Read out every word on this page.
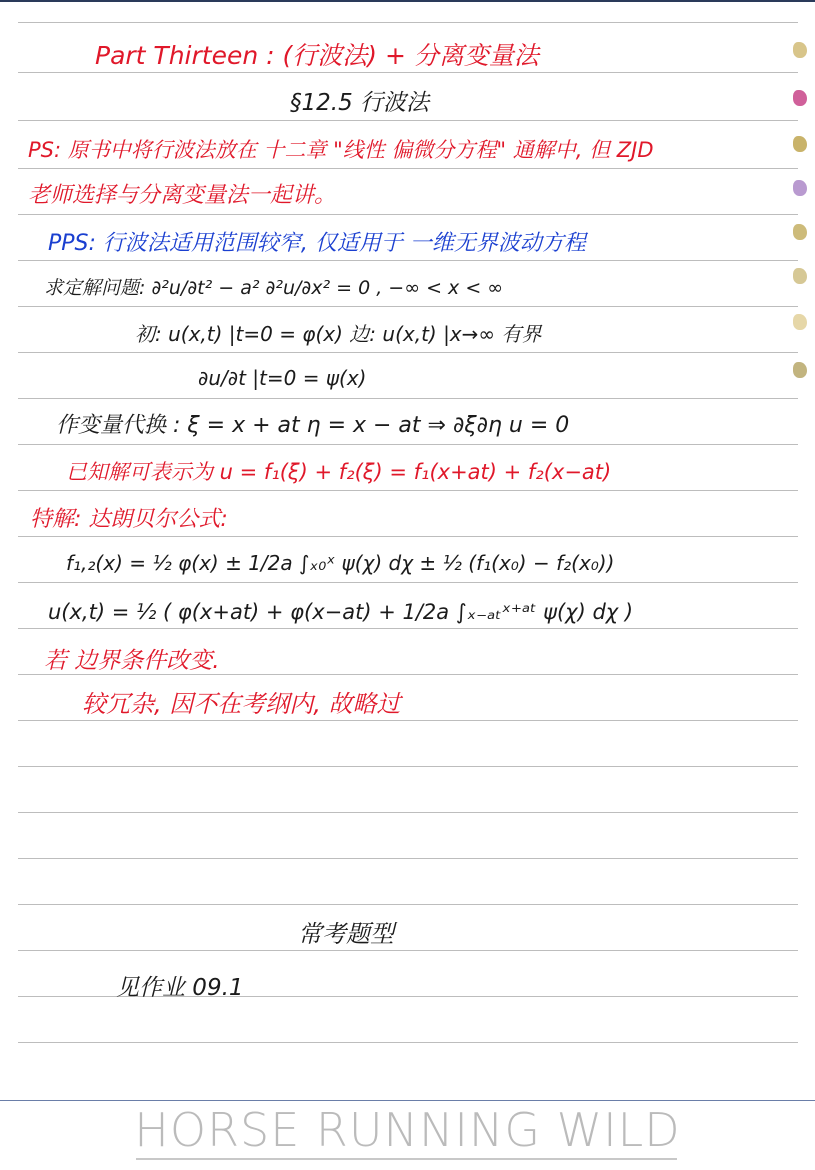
Part Thirteen : (行波法) + 分离变量法
§12.5 行波法
PS: 原书中将行波法放在 十二章 "线性 偏微分方程" 通解中, 但 ZJD
老师选择与分离变量法一起讲。
PPS: 行波法适用范围较窄, 仅适用于 一维无界波动方程
求定解问题: ∂²u/∂t² − a² ∂²u/∂x² = 0 , −∞ < x < ∞
初: u(x,t) |t=0 = φ(x) 边: u(x,t) |x→∞ 有界
∂u/∂t |t=0 = ψ(x)
作变量代换 : ξ = x + at η = x − at ⇒ ∂ξ∂η u = 0
已知解可表示为 u = f₁(ξ) + f₂(ξ) = f₁(x+at) + f₂(x−at)
特解: 达朗贝尔公式:
f₁,₂(x) = ½ φ(x) ± 1/2a ∫ₓ₀ˣ ψ(χ) dχ ± ½ (f₁(x₀) − f₂(x₀))
u(x,t) = ½ ( φ(x+at) + φ(x−at) + 1/2a ∫ₓ₋ₐₜˣ⁺ᵃᵗ ψ(χ) dχ )
若 边界条件改变.
较冗杂, 因不在考纲内, 故略过
常考题型
见作业 09.1
HORSE RUNNING WILD
